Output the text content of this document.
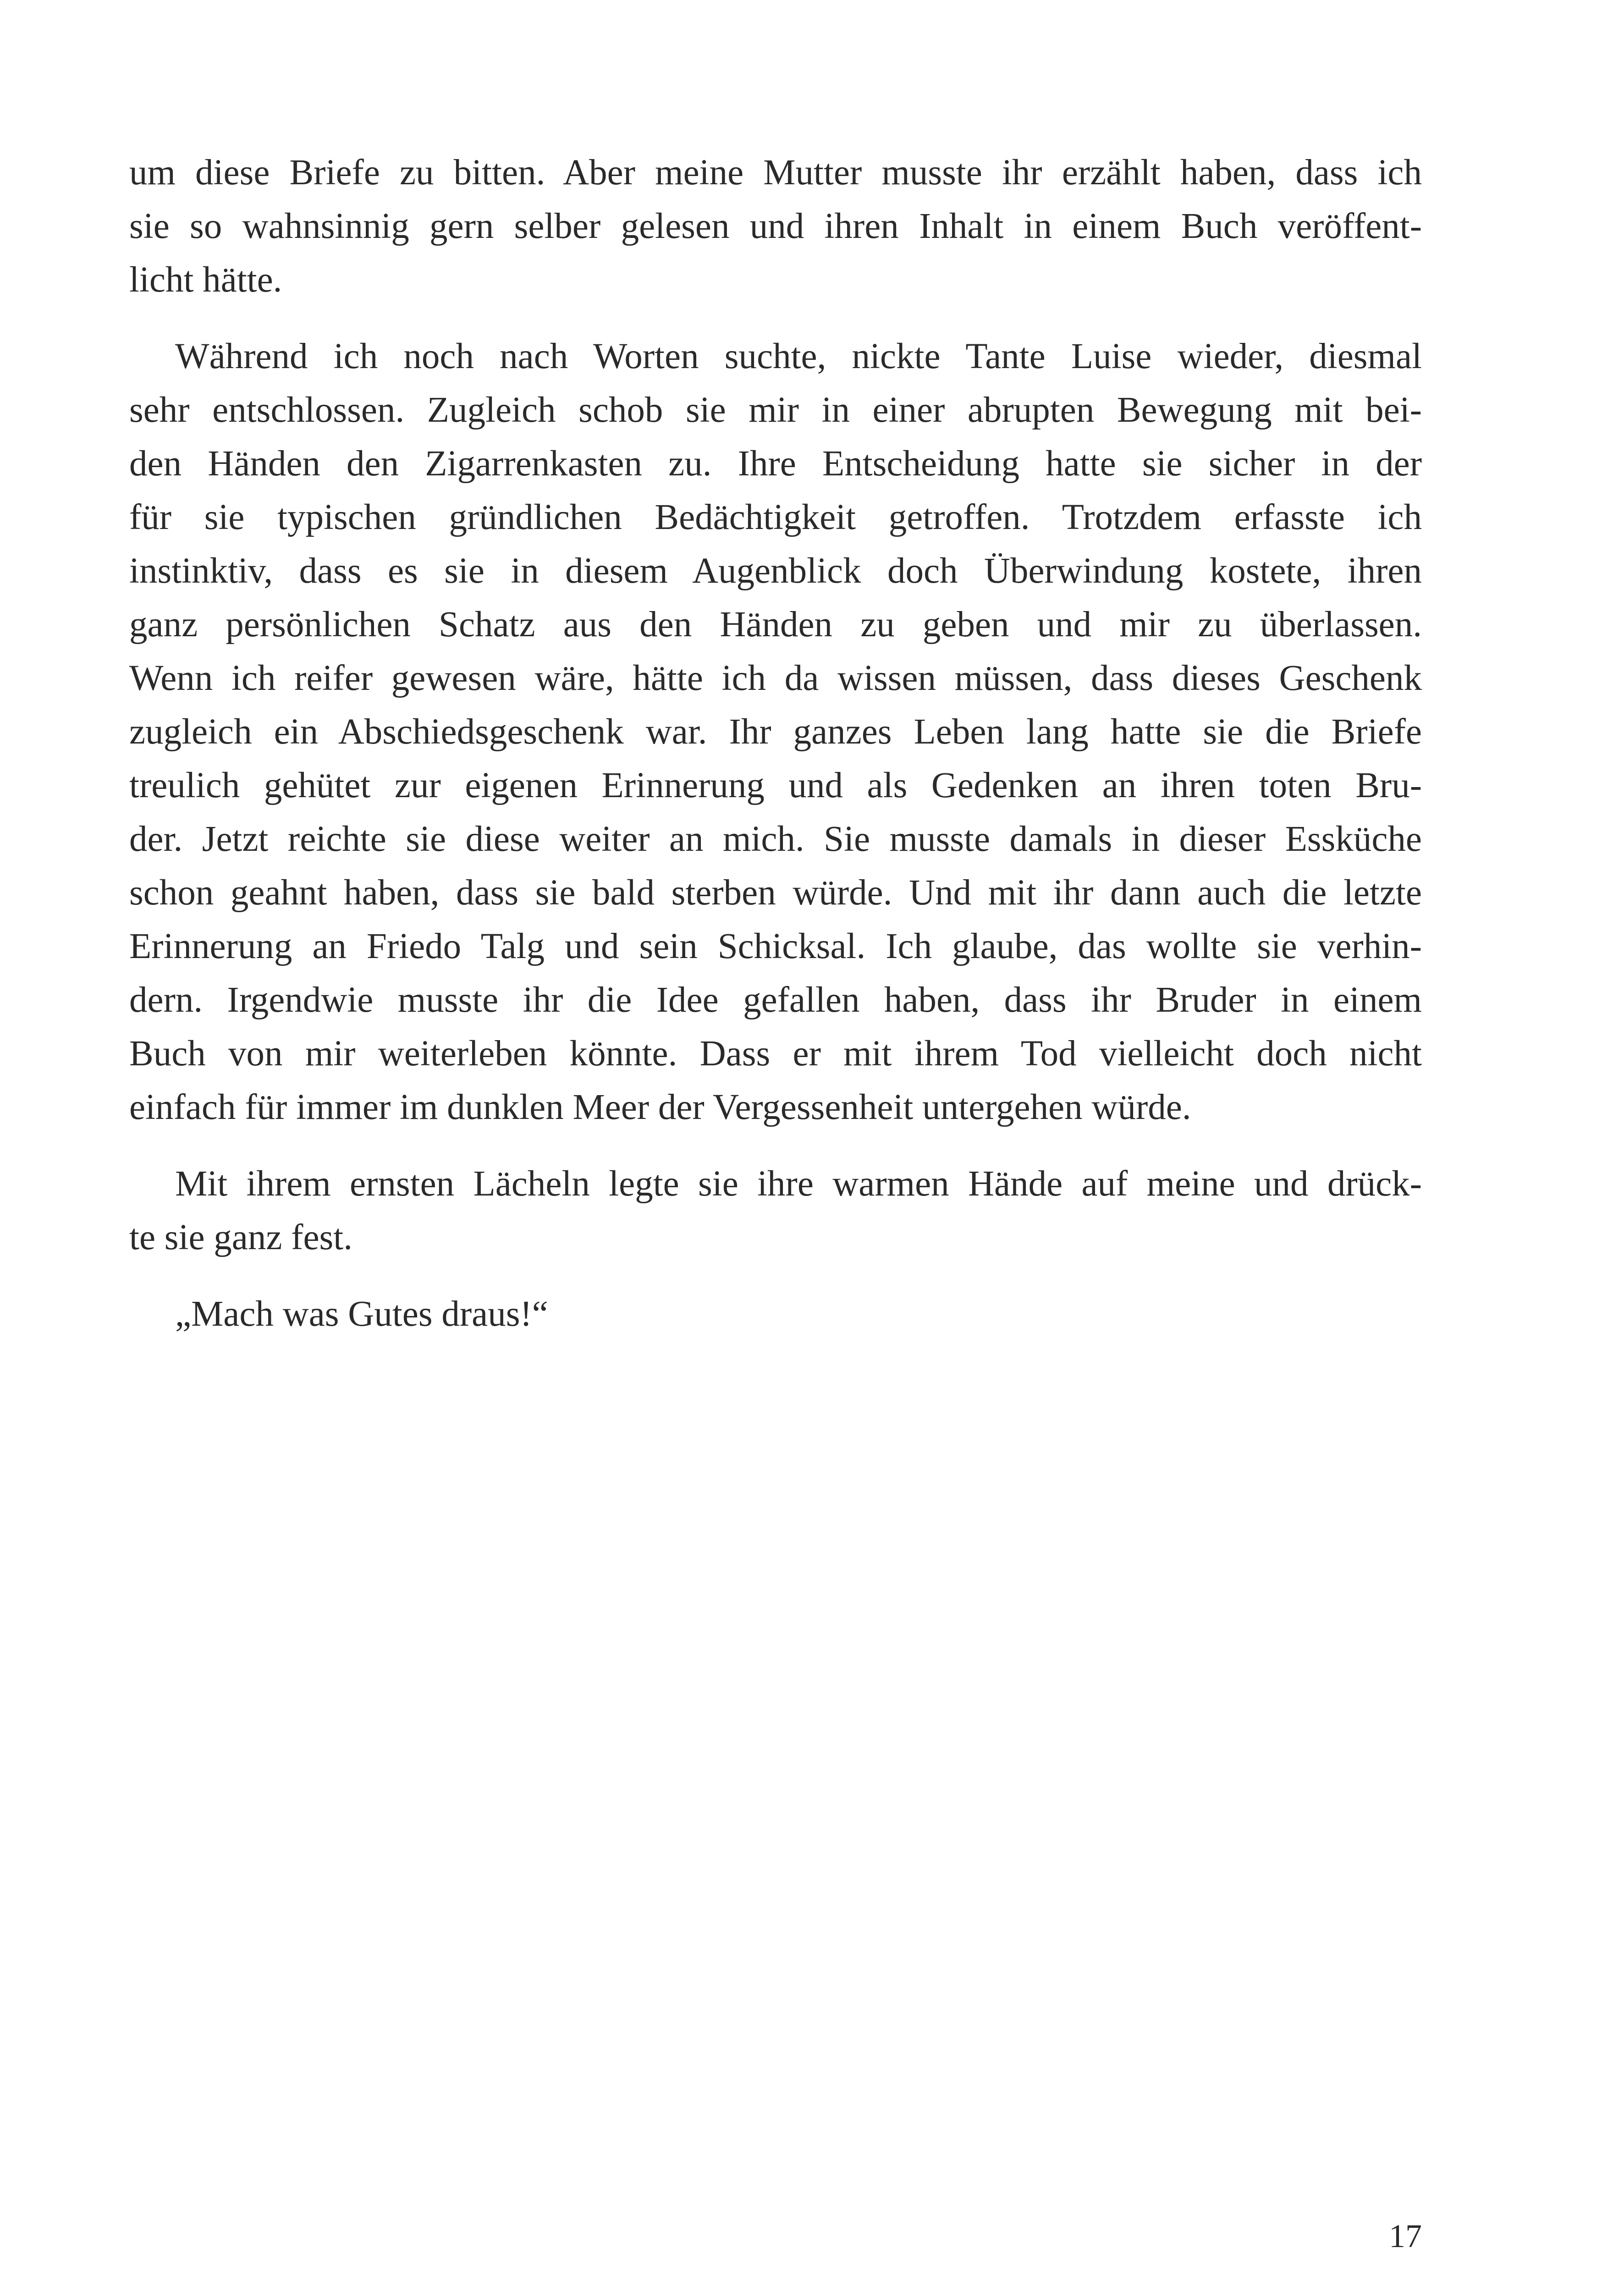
um diese Briefe zu bitten. Aber meine Mutter musste ihr erzählt haben, dass ich
sie so wahnsinnig gern selber gelesen und ihren Inhalt in einem Buch veröffent-
licht hätte.
Während ich noch nach Worten suchte, nickte Tante Luise wieder, diesmal
sehr entschlossen. Zugleich schob sie mir in einer abrupten Bewegung mit bei-
den Händen den Zigarrenkasten zu. Ihre Entscheidung hatte sie sicher in der
für sie typischen gründlichen Bedächtigkeit getroffen. Trotzdem erfasste ich
instinktiv, dass es sie in diesem Augenblick doch Überwindung kostete, ihren
ganz persönlichen Schatz aus den Händen zu geben und mir zu überlassen.
Wenn ich reifer gewesen wäre, hätte ich da wissen müssen, dass dieses Geschenk
zugleich ein Abschiedsgeschenk war. Ihr ganzes Leben lang hatte sie die Briefe
treulich gehütet zur eigenen Erinnerung und als Gedenken an ihren toten Bru-
der. Jetzt reichte sie diese weiter an mich. Sie musste damals in dieser Essküche
schon geahnt haben, dass sie bald sterben würde. Und mit ihr dann auch die letzte
Erinnerung an Friedo Talg und sein Schicksal. Ich glaube, das wollte sie verhin-
dern. Irgendwie musste ihr die Idee gefallen haben, dass ihr Bruder in einem
Buch von mir weiterleben könnte. Dass er mit ihrem Tod vielleicht doch nicht
einfach für immer im dunklen Meer der Vergessenheit untergehen würde.
Mit ihrem ernsten Lächeln legte sie ihre warmen Hände auf meine und drück-
te sie ganz fest.
„Mach was Gutes draus!“
17
